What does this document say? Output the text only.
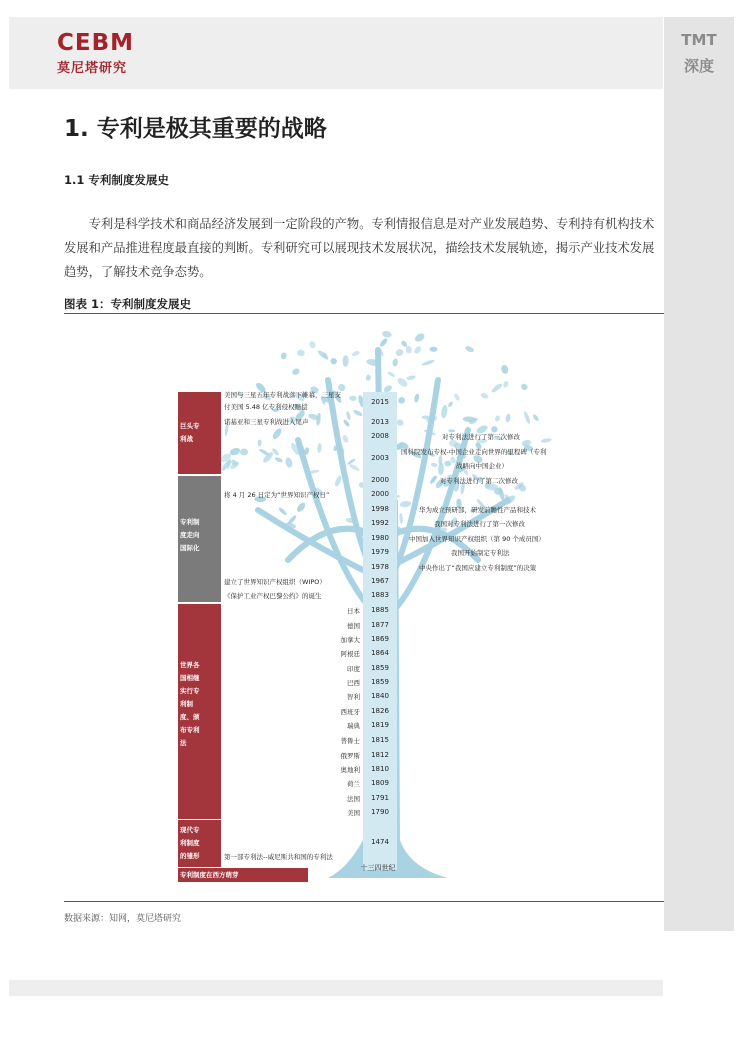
CEBM
莫尼塔研究
TMT
深度
1. 专利是极其重要的战略
1.1 专利制度发展史
专利是科学技术和商品经济发展到一定阶段的产物。专利情报信息是对产业发展趋势、专利持有机构技术发展和产品推进程度最直接的判断。专利研究可以展现技术发展状况，描绘技术发展轨迹，揭示产业技术发展趋势，了解技术竞争态势。
图表 1：专利制度发展史
巨头专
利战
专利制
度走向
国际化
世界各
国相继
实行专
利制
度、颁
布专利
法
现代专
利制度
的雏形
专利制度在西方萌芽
2015
2013
2008
2003
2000
2000
1998
1992
1980
1979
1978
1967
1883
1885
1877
1869
1864
1859
1859
1840
1826
1819
1815
1812
1810
1809
1791
1790
1474
十三四世纪
美国与三星五年专利战落下帷幕，三星支
付美国 5.48 亿专利侵权赔偿
诺基亚和三星专利战进入尾声
将 4 月 26 日定为“世界知识产权日”
建立了世界知识产权组织（WIPO）
《保护工业产权巴黎公约》的诞生
第一部专利法--威尼斯共和国的专利法
对专利法进行了第三次修改
国科院发布专权-中国企业走向世界的里程碑（专利
战略向中国企业）
对专利法进行了第二次修改
华为成立预研部，研发前瞻性产品和技术
我国对专利法进行了第一次修改
中国加入世界知识产权组织（第 90 个成员国）
我国开始制定专利法
中央作出了“我国应建立专利制度”的决策
日本
德国
加拿大
阿根廷
印度
巴西
智利
西班牙
瑞典
普鲁士
俄罗斯
奥地利
荷兰
法国
美国
数据来源：知网，莫尼塔研究
